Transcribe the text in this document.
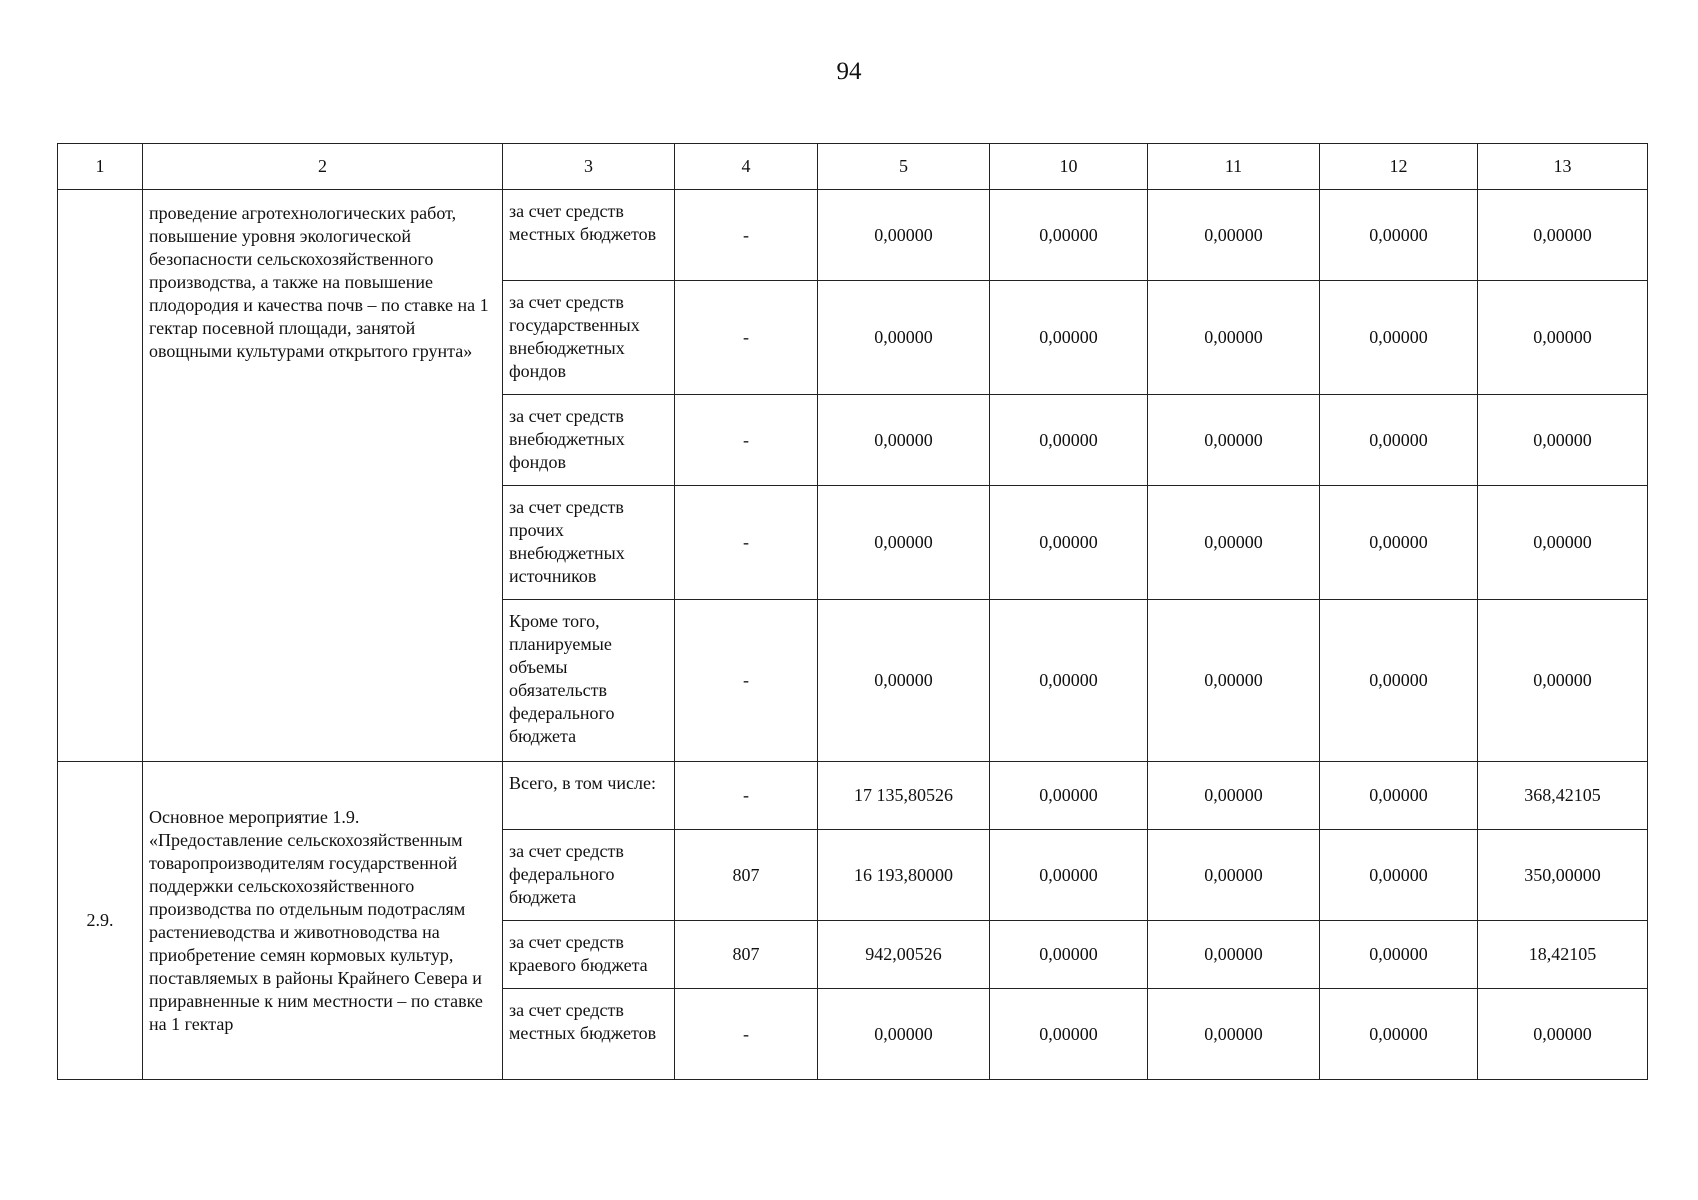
94
1	2	3	4	5	10	11	12	13
	проведение агротехнологических работ, повышение уровня экологической безопасности сельскохозяйственного производства, а также на повышение плодородия и качества почв – по ставке на 1 гектар посевной площади, занятой овощными культурами открытого грунта»	за счет средств местных бюджетов	-	0,00000	0,00000	0,00000	0,00000	0,00000
		за счет средств государственных внебюджетных фондов	-	0,00000	0,00000	0,00000	0,00000	0,00000
		за счет средств внебюджетных фондов	-	0,00000	0,00000	0,00000	0,00000	0,00000
		за счет средств прочих внебюджетных источников	-	0,00000	0,00000	0,00000	0,00000	0,00000
		Кроме того, планируемые объемы обязательств федерального бюджета	-	0,00000	0,00000	0,00000	0,00000	0,00000
2.9.	Основное мероприятие 1.9. «Предоставление сельскохозяйственным товаропроизводителям государственной поддержки сельскохозяйственного производства по отдельным подотраслям растениеводства и животноводства на приобретение семян кормовых культур, поставляемых в районы Крайнего Севера и приравненные к ним местности – по ставке на 1 гектар	Всего, в том числе:	-	17 135,80526	0,00000	0,00000	0,00000	368,42105
		за счет средств федерального бюджета	807	16 193,80000	0,00000	0,00000	0,00000	350,00000
		за счет средств краевого бюджета	807	942,00526	0,00000	0,00000	0,00000	18,42105
		за счет средств местных бюджетов	-	0,00000	0,00000	0,00000	0,00000	0,00000
